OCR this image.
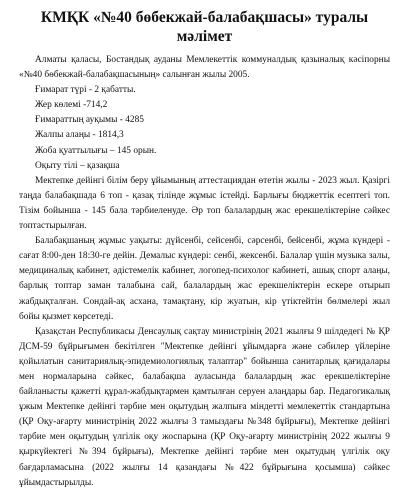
КМҚК «№40 бөбекжай-балабақшасы» туралы
мәлімет

Алматы қаласы, Бостандық ауданы Мемлекеттік коммуналдық қазыналық кәсіпорны «№40 бөбекжай-балабақшасының» салынған жылы 2005.

Ғимарат түрі - 2 қабатты.

Жер көлемі -714,2

Ғимараттың ауқымы - 4285

Жалпы алаңы - 1814,3

Жоба қуаттылығы – 145 орын.

Оқыту тілі – қазақша

Мектепке дейінгі білім беру ұйымының аттестациядан өтетін жылы - 2023 жыл. Қазіргі таңда балабақшада 6 топ - қазақ тілінде жұмыс істейді. Барлығы бюджеттік есептегі топ. Тізім бойынша - 145 бала тәрбиеленуде. Әр топ балалардың жас ерекшеліктеріне сәйкес топтастырылған.

Балабақшаның жұмыс уақыты: дүйсенбі, сейсенбі, сәрсенбі, бейсенбі, жұма күндері - сағат 8:00-ден 18:30-ге дейін. Демалыс күндері: сенбі, жексенбі. Балалар үшін музыка залы, медициналық кабинет, әдістемелік кабинет, логопед-психолог кабинеті, ашық спорт алаңы, барлық топтар заман талабына сай, балалардың жас ерекшеліктерін ескере отырып жабдықталған. Сондай-ақ асхана, тамақтану, кір жуатын, кір үтіктейтін бөлмелері жыл бойы қызмет көрсетеді.

Қазақстан Республикасы Денсаулық сақтау министрінің 2021 жылғы 9 шілдедегі № ҚР ДСМ-59 бұйрығымен бекітілген "Мектепке дейінгі ұйымдарға және сәбилер үйлеріне қойылатын санитариялық-эпидемиологиялық талаптар" бойынша санитарлық қағидалары мен нормаларына сәйкес, балабақша ауласында балалардың жас ерекшеліктеріне байланысты қажетті құрал-жабдықтармен қамтылған серуен алаңдары бар. Педагогикалық ұжым Мектепке дейінгі тәрбие мен оқытудың жалпыға міндетті мемлекеттік стандартына (ҚР Оқу-ағарту министрінің 2022 жылғы 3 тамыздағы №348 бұйрығы), Мектепке дейінгі тәрбие мен оқытудың үлгілік оқу жоспарына (ҚР Оқу-ағарту министрінің 2022 жылғы 9 қыркүйектегі №394 бұйрығы), Мектепке дейінгі тәрбие мен оқытудың үлгілік оқу бағдарламасына (2022 жылғы 14 қазандағы №422 бұйрығына қосымша) сәйкес ұйымдастырылды.
